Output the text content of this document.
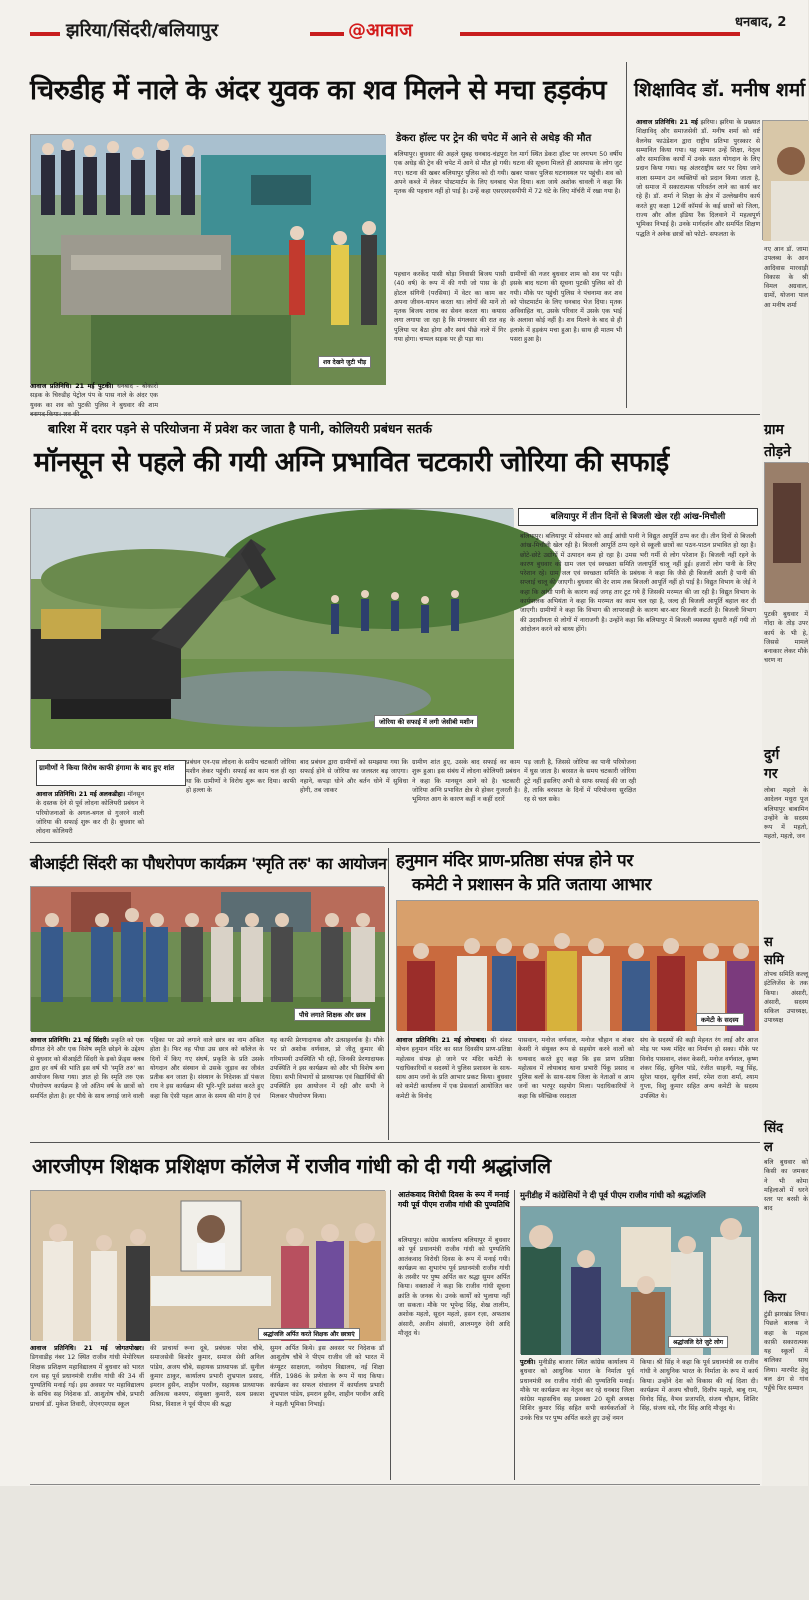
झरिया/सिंदरी/बलियापुर	@आवाज	धनबाद, 2
चिरुडीह में नाले के अंदर युवक का शव मिलने से मचा हड़कंप
शव देखने जुटी भीड़
आवाज प्रतिनिधि। 21 मई पुटकी। धनबाद - बोकारो सड़क के चिरुडीह पेट्रोल पंप के पास नाले के अंदर एक युवक का शव को पुटकी पुलिस ने बुधवार की शाम
पहचान करकेंद पासी थोड़ा निवासी बिजय पासी (40 वर्ष) के रूप में की गयी जो पास के ही होटल संगिनी (परसिया) में वेटर का काम कर अपना जीवन-यापन करता था। लोगों की मानें तो मृतक बिजय शराब का सेवन करता था। कयास लगा लगाया जा रहा है कि मंगलवार की रात वह पुलिया पर बैठा होगा और स्वयं पीछे नाले में गिर गया होगा। चप्पल सड़क पर ही पड़ा था।
ग्रामीणों की नजर बुधवार शाम को शव पर पड़ी। इसके बाद घटना की सूचना पुटकी पुलिस को दी गयी। मौके पर पहुंची पुलिस ने पंचनामा कर शव को पोस्टमार्टम के लिए धनबाद भेज दिया। मृतक अविवाहित था, उसके परिवार में उसके एक भाई के अलावा कोई नहीं है। शव मिलने के बाद से ही इलाके में हड़कंप मचा हुआ है। साथ ही मातम भी पसरा हुआ है।
डेकरा हॉल्ट पर ट्रेन की चपेट में आने से अधेड़ की मौत
बलियापुर। बुधवार की अहले सुबह धनबाद-चंद्रपुरा रेल मार्ग स्थित डेकरा हॉल्ट पर लगभग 50 वर्षीय एक अधेड़ की ट्रेन की चपेट में आने से मौत हो गयी। घटना की सूचना मिलते ही आसपास के लोग जुट गए। घटना की खबर बलियापुर पुलिस को दी गयी। खबर पाकर पुलिस घटनास्थल पर पहुंची। शव को अपने कब्जे में लेकर पोस्टमार्टम के लिए धनबाद भेज दिया। बता जाये अशोक चावली ने कहा कि मृतक की पहचान नहीं हो पाई है। उन्हें कहा एसएसएसपीपी में 72 घंटे के लिए मॉर्चरी में रखा गया है।
शिक्षाविद डॉ. मनीष शर्मा
आवाज प्रतिनिधि। 21 मई झरिया। झरिया के प्रख्यात शिक्षाविद् और समाजसेवी डॉ. मनीष शर्मा को वर्ष्ट वैलनेस फाउंडेशन द्वारा राष्ट्रीय प्रतिभा पुरस्कार से सम्मानित किया गया। यह सम्मान उन्हें शिक्षा, नेतृत्व और सामाजिक कार्यों में उनके सतत योगदान के लिए प्रदान किया गया। यह अंतरराष्ट्रीय स्तर पर दिया जाने वाला सम्मान उन व्यक्तियों को प्रदान किया जाता है, जो समाज में सकारात्मक परिवर्तन लाने का कार्य कर रहे हैं। डॉ. शर्मा ने शिक्षा के क्षेत्र में उल्लेखनीय कार्य करते हुए कक्षा 12वीं कॉमर्स के कई छात्रों को जिला, राज्य और ऑल इंडिया रैंक दिलवाने में महत्वपूर्ण भूमिका निभाई है। उनके मार्गदर्शन और समर्पित शिक्षण पद्धति ने अनेक छात्रों को फोटो- सफलता के
नए आन डॉ. जामा उपलब्ध के आन आदिवास मारवाड़ी विकास के श्री विमल अग्रवाल, ग्रामों, योजना पाल आ मनीष शर्मा
ग्राम
तोड़ने
पुटकी बुधवार में गोंदा के तोड़ उपर कार्य के भी हे, जिससे मामले बनाकार लेकर मौके चरण ना
दुर्ग
गर
लोबा महतो के आदेलन मधुरा पूज बलियापुर बाबामिन उन्होंने के सदस्य रूप में महतो, महतो, महतो, जन
स
समि
तोपच समिति कल्लू इंटेलिजेंस के तक किया। अंसारी, अंसारी, सदस्य सकिल उपाध्यक्ष, उपाध्यक्ष
सिंद
ल
बलि बुधवार को किसी का जमकर ने भी कोमा महिलाओं में धरने स्तर पर बरसी के बाद
किरा
टुंडी झारखंड लिया। पिछले बालक ने कहा के महत्व काफ़ी सकारात्मक यह स्कूलों में बालिका साथ लिया। मारपीट हेतु बल ढंग से गांव पहुँचे फिर सम्मान
बारिश में दरार पड़ने से परियोजना में प्रवेश कर जाता है पानी, कोलियरी प्रबंधन सतर्क
मॉनसून से पहले की गयी अग्नि प्रभावित चटकारी जोरिया की सफाई
जोरिया की सफाई में लगी जेसीबी मशीन
ग्रामीणों ने किया विरोध काफी हंगामा के बाद हुए शांत
आवाज प्रतिनिधि। 21 मई अलकडीहा। मॉनसून के दस्तक देने से पूर्व लोदना कोलियरी प्रबंधन ने परियोजनाओं के अगल-बगल से गुजरने वाली जोरिया की सफाई शुरू कर दी है। बुधवार को लोदना कोलियरी
प्रबंधन एन-एस लोदना के समीप चटकारी जोरिया मशीन लेकर पहुंची। सफाई का काम चल ही रहा था कि ग्रामीणों ने विरोध शुरू कर दिया। काफी हो हल्ला के
बाद प्रबंधन द्वारा ग्रामीणों को समझाया गया कि सफाई होने से जोरिया का जलस्तर बढ़ जाएगा। नहाने, कपड़ा धोने और बर्तन धोने में सुविधा होगी, तब जाकर
ग्रामीण शांत हुए, उसके बाद सफाई का काम शुरू हुआ। इस संबंध में लोदना कोलियरी प्रबंधन ने कहा कि मानसून आने को है। चटकारी जोरिया अग्नि प्रभावित क्षेत्र से होकर गुजरती है। भूमिगत आग के कारण कहीं न कहीं दरारें
पड़ जाती है, जिससे जोरिया का पानी परियोजना में घुस जाता है। बरसात के समय चटकारी जोरिया टूटे नहीं इसलिए अभी से साफ सफाई की जा रही है, ताकि बरसात के दिनों में परियोजना सुरक्षित रह से चल सके।
बलियापुर में तीन दिनों से बिजली खेल रही आंख-मिचौली
बलियापुर। बलियापुर में सोमवार को आई आंधी पानी ने विद्युत आपूर्ति ठप्प कर दी। तीन दिनों से बिजली आंख-मिचौली खेल रही है। बिजली आपूर्ति ठप्प रहने से स्कूली छात्रों का पठन-पाठन प्रभावित हो रहा है। छोटे-छोटे उद्योगों में उत्पादन कम हो रहा है। उमस भरी गर्मी से लोग परेशान हैं। बिजली नहीं रहने के कारण बुधवार को ग्राम जल एवं स्वच्छता समिति जलापूर्ति चालू नहीं हुई। हजारों लोग पानी के लिए परेशान रहे। ग्राम जल एवं स्वच्छता समिति के प्रबंधक ने कहा कि जैसे ही बिजली आती है पानी की सप्लाई चालू की जाएगी। बुधवार की देर शाम तक बिजली आपूर्ति नहीं हो पाई है। विद्युत विभाग के जेई ने कहा कि आंधी पानी के कारण कई जगह तार टूट गये हैं जिसकी मरम्मत की जा रही है। विद्युत विभाग के कार्यपालक अभियंता ने कहा कि मरम्मत का काम चल रहा है, जल्द ही बिजली आपूर्ति बहाल कर दी जाएगी। ग्रामीणों ने कहा कि विभाग की लापरवाही के कारण बार-बार बिजली कटती है। बिजली विभाग की उदासीनता से लोगों में नाराजगी है। उन्होंने कहा कि बलियापुर में बिजली व्यवस्था सुधारी नहीं गयी तो आंदोलन करने को बाध्य होंगे।
बीआईटी सिंदरी का पौधरोपण कार्यक्रम 'स्मृति तरु' का आयोजन
पौधे लगाते शिक्षक और छात्र
आवाज प्रतिनिधि। 21 मई सिंदरी। प्रकृति को एक सौगात देने और एक विशेष स्मृति छोड़ने के उद्देश्य से बुधवार को बीआईटी सिंदरी के इको फ्रेंड्स क्लब द्वारा हर वर्ष की भांति इस वर्ष भी 'स्मृति तरु' का आयोजन किया गया। ज्ञात हो कि स्मृति तरु एक पौधरोपण कार्यक्रम है जो अंतिम वर्ष के छात्रों को समर्पित होता है। हर पौधे के साथ लगाई जाने वाली
पट्टिका पर उसे लगाने वाले छात्र का नाम अंकित होता है। फिर वह पौधा उस छात्र को कॉलेज के दिनों में किए गए संघर्ष, प्रकृति के प्रति उसके योगदान और संस्थान से उसके जुड़ाव का जीवंत प्रतीक बन जाता है। संस्थान के निदेशक डॉ पंकज राय ने इस कार्यक्रम की भूरि-भूरि प्रशंसा करते हुए कहा कि ऐसी पहल आज के समय की मांग है एवं
यह काफी प्रेरणादायक और उत्साहवर्धक है। मौके पर प्रो अशोक वर्णवाल, प्रो जीतू कुमार की गरिमामयी उपस्थिति भी रही, जिनकी प्रेरणादायक उपस्थिति ने इस कार्यक्रम को और भी विशेष बना दिया। सभी विभागों से प्राध्यापक एवं विद्यार्थियों की उपस्थिति इस आयोजन में रही और सभी ने मिलकर पौधरोपण किया।
हनुमान मंदिर प्राण-प्रतिष्ठा संपन्न होने पर
कमेटी ने प्रशासन के प्रति जताया आभार
कमेटी के सदस्य
आवाज प्रतिनिधि। 21 मई लोयाबाद। श्री संकट मोचन हनुमान मंदिर का सात दिवसीय प्राण-प्रतिष्ठा महोत्सव संपन्न हो जाने पर मंदिर कमेटी के पदाधिकारियों व सदस्यों ने पुलिस प्रशासन के साथ-साथ आम जनों के प्रति आभार प्रकट किया। बुधवार को कमेटी कार्यालय में एक प्रेसवार्ता आयोजित कर कमेटी के विनोद
पासवान, मनोज वर्णवाल, मनोज चौहान व शंकर केसरी ने संयुक्त रूप से सहयोग करने वालों को धन्यवाद करते हुए कहा कि इस प्राण प्रतिष्ठा महोत्सव में लोयाबाद थाना प्रभारी पिंकू प्रसाद व पुलिस बलों के साथ-साथ जिला के नेताओं व आम जनों का भरपूर सहयोग मिला। पदाधिकारियों ने कहा कि स्वैच्छिक रसदाता
संघ के सदस्यों की कड़ी मेहनत रंग लाई और आज मोड़ पर भव्य मंदिर का निर्माण हो सका। मौके पर विनोद पासवान, शंकर केसरी, मनोज वर्णवाल, कृष्ण शंकर सिंह, सुनिल पांडे, रंजीत साहनी, मन्नू सिंह, सुरेश यादव, सुनील शर्मा, रमेश राजा शर्मा, श्याम गुप्ता, विशु कुमार सहित अन्य कमेटी के सदस्य उपस्थित थे।
आरजीएम शिक्षक प्रशिक्षण कॉलेज में राजीव गांधी को दी गयी श्रद्धांजलि
श्रद्धांजलि अर्पित करते शिक्षक और छात्राएं
आवाज प्रतिनिधि। 21 मई जोगतपोखर। डिगवाडीह नंबर 12 स्थित राजीव गांधी मेमोरियल शिक्षक प्रशिक्षण महाविद्यालय में बुधवार को भारत रत्न सह पूर्व प्रधानमंत्री राजीव गांधी की 34 वीं पुण्यतिथि मनाई गई। इस अवसर पर महाविद्यालय के सचिव सह निदेशक डॉ. आशुतोष चौबे, प्रभारी प्राचार्य डॉ. मुकेश तिवारी, जेएनएमएस स्कूल
की प्राचार्या रूना दूबे, प्रबंधक परेश चौबे, समाजसेवी किशोर कुमार, समाज सेवी अनिल पांडेय, अजय चौबे, सहायक प्राध्यापक डॉ. सुनील कुमार ठाकुर, कार्यालय प्रभारी शुभ्रपाल प्रसाद, इमरान हुसैन, शाहीन परवीन, सहायक प्राध्यापक अतिवत्स कश्यप, संयुक्ता कुमारी, सत्य प्रकाश मिश्रा, विशाल ने पूर्व पीएम की श्रद्धा
सुमन अर्पित किये। इस अवसर पर निदेशक डॉ आशुतोष चौबे ने पीएम राजीव जी को भारत में कंप्यूटर साक्षरता, नवोदय विद्यालय, नई शिक्षा नीति, 1986 के प्रणेता के रूप में याद किया। कार्यक्रम का सफल संचालन में कार्यालय प्रभारी शुभ्रपाल पांडेय, इमरान हुसैन, शाहीन परवीन आदि ने महती भूमिका निभाई।
आतंकवाद विरोधी दिवस के रूप में मनाई गयी पूर्व पीएम राजीव गांधी की पुण्यतिथि
बलियापुर। कांग्रेस कार्यालय बलियापुर में बुधवार को पूर्व प्रधानमंत्री राजीव गांधी को पुण्यतिथि आतंकवाद विरोधी दिवस के रूप में मनाई गयी। कार्यक्रम का शुभारंभ पूर्व प्रधानमंत्री राजीव गांधी के तस्वीर पर पुष्प अर्पित कर श्रद्धा सुमन अर्पित किया। वक्ताओं ने कहा कि राजीव गांधी सूचना क्रांति के जनक थे। उनके कार्यों को भुलाया नहीं जा सकता। मौके पर भूपेन्द्र सिंह, शेख तालीम, अशोक महतो, सूदन महतो, हसन रज़ा, अफताब अंसारी, अजीम अंसारी, आलमगुरु देवी आदि मौजूद थे।
मुनीडीह में कांग्रेसियों ने दी पूर्व पीएम राजीव गांधी को श्रद्धांजलि
श्रद्धांजलि देते जुटे लोग
पुटकी। मुनीडीह बाजार स्थित कांग्रेस कार्यालय में बुधवार को आधुनिक भारत के निर्माता पूर्व प्रधानमंत्री स्व राजीव गांधी की पुण्यतिथि मनाई। मौके पर कार्यक्रम का नेतृत्व कर रहे धनबाद जिला कांग्रेस महासचिव सह प्रवक्ता 20 सूत्री अध्यक्ष शिशिर कुमार सिंह सहित सभी कार्यकर्ताओं ने उनके चित्र पर पुष्प अर्पित करते हुए उन्हें नमन
किया। श्री सिंह ने कहा कि पूर्व प्रधानमंत्री स्व राजीव गांधी ने आधुनिक भारत के निर्माता के रूप में कार्य किया। उन्होंने देश को विकास की नई दिशा दी। कार्यक्रम में अजय चौधरी, दिलीप महतो, बाबू राम, विनोद सिंह, वैभव प्रजापति, संजय चौहान, शिशिर सिंह, संजय वडे, गौर सिंह आदि मौजूद थे।
